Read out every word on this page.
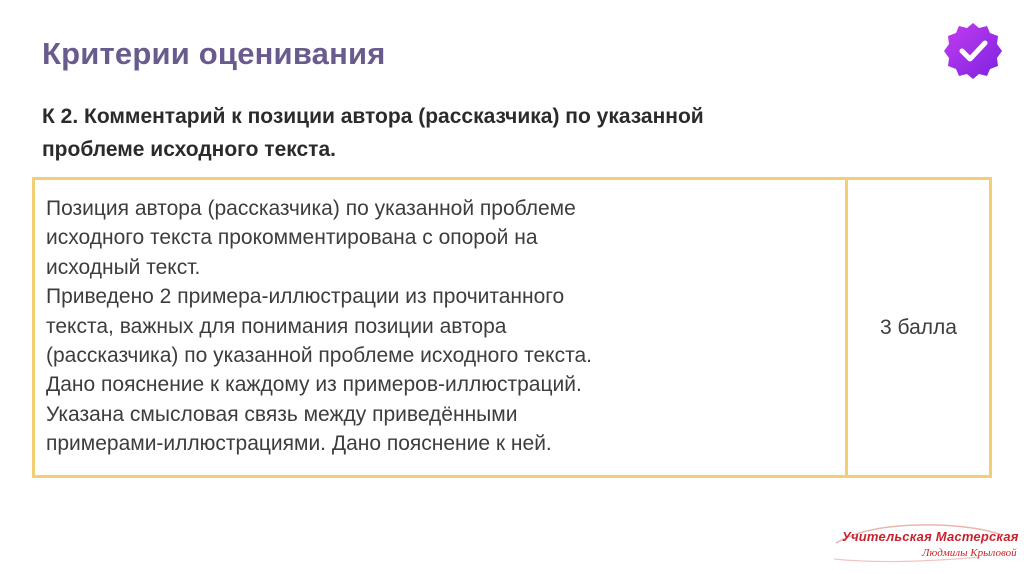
Критерии оценивания
К 2. Комментарий к позиции автора (рассказчика) по указанной
проблеме исходного текста.
Позиция автора (рассказчика) по указанной проблеме
исходного текста прокомментирована с опорой на
исходный текст.
Приведено 2 примера-иллюстрации из прочитанного
текста, важных для понимания позиции автора
(рассказчика) по указанной проблеме исходного текста.
Дано пояснение к каждому из примеров-иллюстраций.
Указана смысловая связь между приведёнными
примерами-иллюстрациями. Дано пояснение к ней.
3 балла
Учительская Мастерская
Людмилы Крыловой
